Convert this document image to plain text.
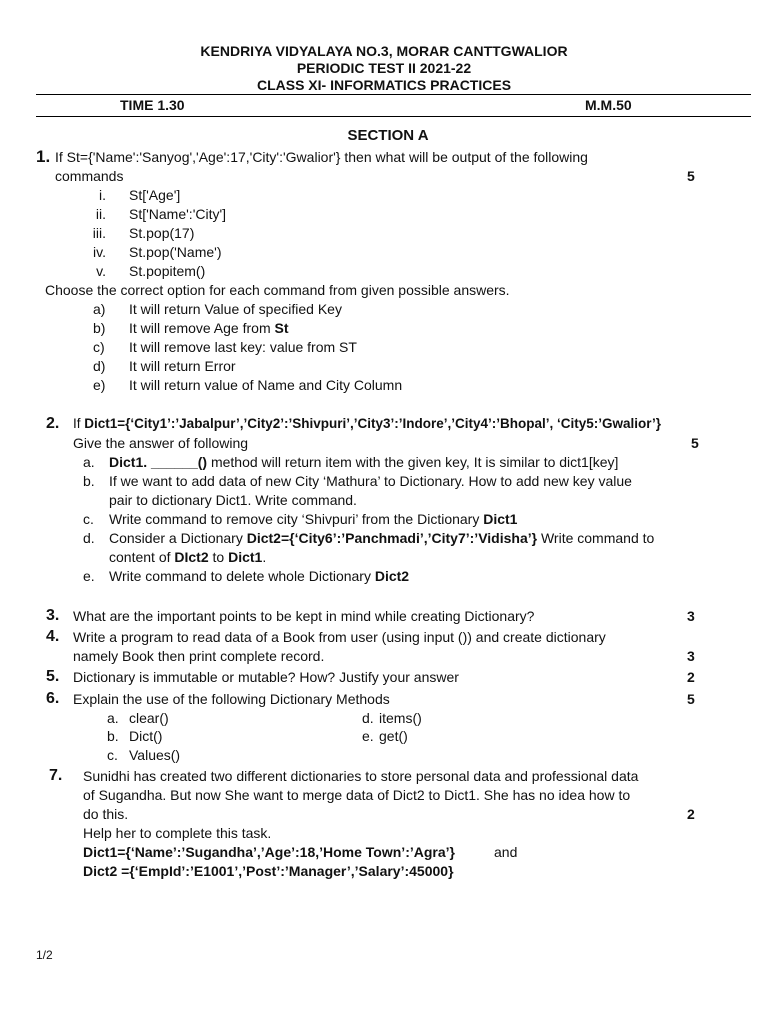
KENDRIYA VIDYALAYA NO.3, MORAR CANTTGWALIOR
PERIODIC TEST II 2021-22
CLASS XI- INFORMATICS PRACTICES
TIME 1.30	M.M.50
SECTION A
1. If St={'Name':'Sanyog','Age':17,'City':'Gwalior'} then what will be output of the following
commands	5
i. St['Age']
ii. St['Name':'City']
iii. St.pop(17)
iv. St.pop('Name')
v. St.popitem()
Choose the correct option for each command from given possible answers.
a) It will return Value of specified Key
b) It will remove Age from St
c) It will remove last key: value from ST
d) It will return Error
e) It will return value of Name and City Column
2. If Dict1={‘City1’:’Jabalpur’,’City2’:’Shivpuri’,’City3’:’Indore’,’City4’:’Bhopal’, ‘City5:’Gwalior’}
Give the answer of following	5
a. Dict1. ______() method will return item with the given key, It is similar to dict1[key]
b. If we want to add data of new City ‘Mathura’ to Dictionary. How to add new key value
pair to dictionary Dict1. Write command.
c. Write command to remove city ‘Shivpuri’ from the Dictionary Dict1
d. Consider a Dictionary Dict2={‘City6’:’Panchmadi’,’City7’:’Vidisha’} Write command to
content of DIct2 to Dict1.
e. Write command to delete whole Dictionary Dict2
3. What are the important points to be kept in mind while creating Dictionary?	3
4. Write a program to read data of a Book from user (using input ()) and create dictionary
namely Book then print complete record.	3
5. Dictionary is immutable or mutable? How? Justify your answer	2
6. Explain the use of the following Dictionary Methods	5
a. clear()	d. items()
b. Dict()	e. get()
c. Values()
7. Sunidhi has created two different dictionaries to store personal data and professional data
of Sugandha. But now She want to merge data of Dict2 to Dict1. She has no idea how to
do this.	2
Help her to complete this task.
Dict1={‘Name’:’Sugandha’,’Age’:18,’Home Town’:’Agra’}	and
Dict2 ={‘EmpId’:’E1001’,’Post’:’Manager’,’Salary’:45000}
1/2
